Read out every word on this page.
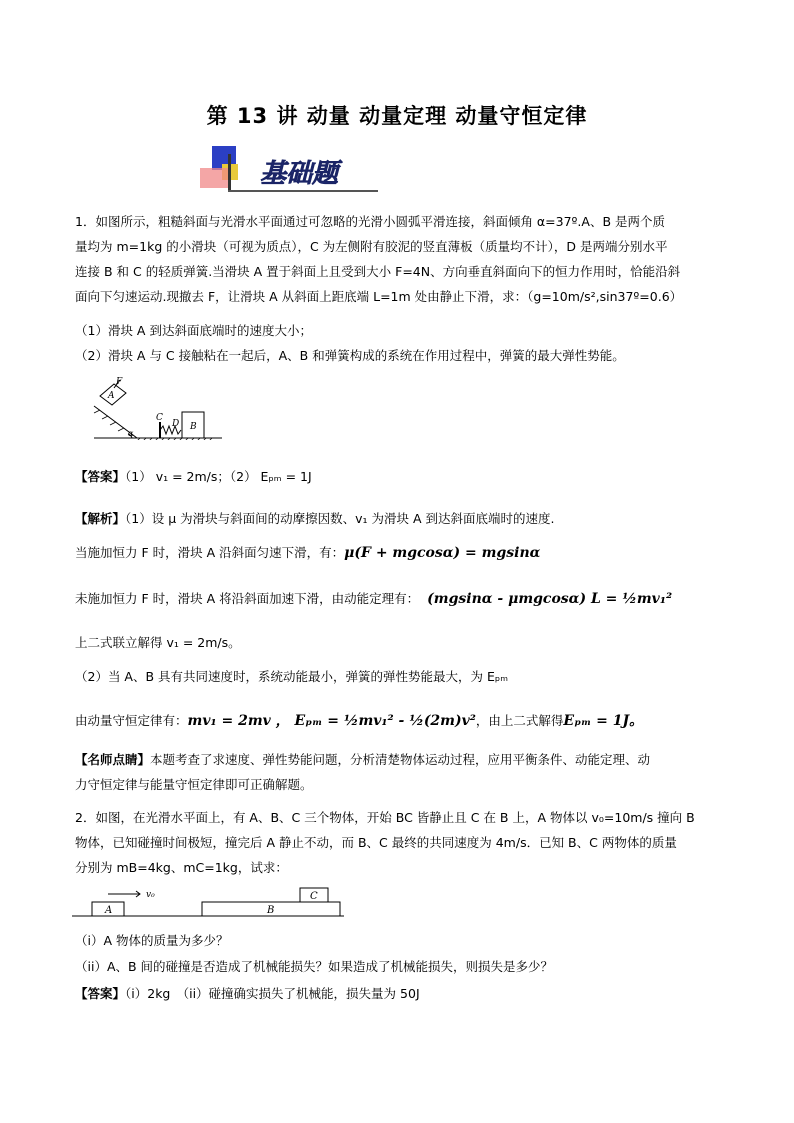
第 13 讲 动量 动量定理 动量守恒定律
基础题
1．如图所示，粗糙斜面与光滑水平面通过可忽略的光滑小圆弧平滑连接，斜面倾角 α=37º.A、B 是两个质
量均为 m=1kg 的小滑块（可视为质点），C 为左侧附有胶泥的竖直薄板（质量均不计），D 是两端分别水平
连接 B 和 C 的轻质弹簧.当滑块 A 置于斜面上且受到大小 F=4N、方向垂直斜面向下的恒力作用时，恰能沿斜
面向下匀速运动.现撤去 F，让滑块 A 从斜面上距底端 L=1m 处由静止下滑，求：（g=10m/s²,sin37º=0.6）
（1）滑块 A 到达斜面底端时的速度大小；
（2）滑块 A 与 C 接触粘在一起后，A、B 和弹簧构成的系统在作用过程中，弹簧的最大弹性势能。
F
A
C
D B
α
【答案】（1） v₁ = 2m/s；（2） Eₚₘ = 1J
【解析】（1）设 μ 为滑块与斜面间的动摩擦因数、v₁ 为滑块 A 到达斜面底端时的速度.
当施加恒力 F 时，滑块 A 沿斜面匀速下滑，有：μ(F + mgcosα) = mgsinα
未施加恒力 F 时，滑块 A 将沿斜面加速下滑，由动能定理有： (mgsinα - μmgcosα) L = ½mv₁²
上二式联立解得 v₁ = 2m/s。
（2）当 A、B 具有共同速度时，系统动能最小，弹簧的弹性势能最大，为 Eₚₘ
由动量守恒定律有：mv₁ = 2mv ， Eₚₘ = ½mv₁² - ½(2m)v²，由上二式解得Eₚₘ = 1J。
【名师点睛】本题考查了求速度、弹性势能问题，分析清楚物体运动过程，应用平衡条件、动能定理、动
力守恒定律与能量守恒定律即可正确解题。
2．如图，在光滑水平面上，有 A、B、C 三个物体，开始 BC 皆静止且 C 在 B 上，A 物体以 v₀=10m/s 撞向 B
物体，已知碰撞时间极短，撞完后 A 静止不动，而 B、C 最终的共同速度为 4m/s．已知 B、C 两物体的质量
分别为 mB=4kg、mC=1kg，试求：
v₀
A	B
C
（i）A 物体的质量为多少？
（ii）A、B 间的碰撞是否造成了机械能损失？如果造成了机械能损失，则损失是多少？
【答案】（i）2kg　（ii）碰撞确实损失了机械能，损失量为 50J
